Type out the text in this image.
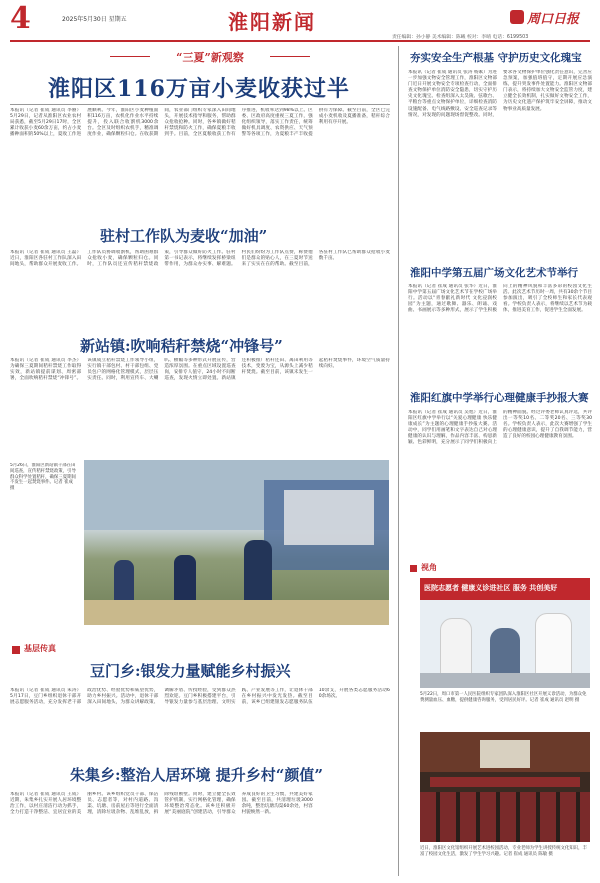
4	2025年5月30日 星期五	淮阳新闻	周口日报
责任编辑：孙小静 美术编辑：陈曦 校对：李晴 电话：6199503
“三夏”新观察
淮阳区116万亩小麦收获过半
本报讯（记者 崔成 通讯员 李丽）5月29日，记者从淮阳区农业农村局获悉，截至5月29日17时，全区累计收获小麦60余万亩，约占小麦播种面积的50%以上，夏收工作进展顺利。今年，淮阳区小麦种植面积116万亩，农机化作业水平持续提升，投入联合收割机3000余台。全区及时组织农机手，精准调度作业，确保颗粒归仓。在收获期间，农业部门组织专家深入田间地头，开展技术指导和服务，帮助群众抢收抢种。同时，各乡镇做好秸秆禁烧和防火工作，确保夏粮丰收到手。目前，全区夏粮收获工作有序推进，机收率达到98%以上。区委、区政府高度重视三夏工作，强化组织领导，落实工作责任，统筹做好机具调度、农资供应、天气预警等各项工作，为夏粮丰产丰收提供有力保障。截至目前，全区已完成小麦机收及夏播准备，秸秆综合利用有序开展。
驻村工作队为麦收“加油”
本报讯（记者 崔成 通讯员 王磊）近日，淮阳区各驻村工作队深入田间地头，帮助群众开展麦收工作。工作队员协调收割机，帮助困难群众抢收小麦，确保颗粒归仓。同时，工作队员还宣传秸秆禁烧政策，引导群众做好防火工作。驻村第一书记表示，将继续发挥桥梁纽带作用，为群众办实事、解难题。村民们纷纷为工作队点赞，称赞他们是群众的贴心人，在三夏时节送来了实实在在的帮助。截至目前，各驻村工作队已帮助群众抢收小麦数千亩。
新站镇:吹响秸秆禁烧“冲锋号”
本报讯（记者 崔成 通讯员 李杰）为确保三夏期间秸秆禁烧工作取得实效，新站镇提前谋划、周密部署，全面吹响秸秆禁烧“冲锋号”。该镇成立秸秆禁烧工作领导小组，实行镇干部包村、村干部包组、党员包户的网格化管理模式，层层压实责任。同时，利用宣传车、大喇叭、横幅等多种形式开展宣传，营造浓厚氛围。在重点区域设置巡查岗，安排专人值守，24小时不间断巡查，发现火情立即处置。新站镇还积极推广秸秆还田、离田利用等技术，变废为宝，从源头上减少秸秆焚烧。截至目前，该镇未发生一起秸秆焚烧事件，环境空气质量持续向好。
5月26日，淮阳区新站镇干部在田间巡查，宣传秸秆禁烧政策，引导群众科学处置秸秆，确保三夏期间不发生一起焚烧事件。记者 崔成 摄
基层传真
豆门乡:银发力量赋能乡村振兴
本报讯（记者 崔成 通讯员 朱涛）5月17日，豆门乡组织退休干部开展志愿服务活动，充分发挥老干部政治优势、经验优势和威望优势，助力乡村振兴。活动中，退休干部深入田间地头，为群众讲解政策、调解矛盾、传授经验，受到群众热烈欢迎。豆门乡积极搭建平台，引导银发力量参与基层治理、文明实践、产业发展等工作，让退休干部在乡村振兴中发光发热。截至目前，该乡已组建银发志愿服务队伍10余支，开展各类志愿服务活动60余场次。
朱集乡:整治人居环境 提升乡村“颜值”
本报讯（记者 崔成 通讯员 王成）近期，朱集乡扎实开展人居环境整治工作，以村庄清洁行动为抓手，全力打造干净整洁、宜居宜业的美丽乡村。该乡组织党员干部、保洁员、志愿者等，对村内道路、沟渠、坑塘、房前屋后等进行全面清理，清除垃圾杂物、乱堆乱放，拆除残垣断壁。同时，建立健全长效管护机制，实行网格化管理，确保环境整治常态化。该乡还积极开展“美丽庭院”创建活动，引导群众养成良好的卫生习惯，共建美好家园。截至目前，共清理垃圾3000余吨，整治坑塘沟渠60余处，村容村貌焕然一新。
夯实安全生产根基 守护历史文化瑰宝
本报讯（记者 崔成 通讯员 张涛 杨素）为进一步加强文物安全管理工作，淮阳区文物部门近日开展文物安全专项检查行动，全面排查文物保护单位消防安全隐患，切实守护历史文化瑰宝。检查组深入太昊陵、弦歌台、平粮台等重点文物保护单位，详细检查消防设施配备、电气线路敷设、安全巡查记录等情况，对发现的问题现场督促整改。同时，要求各文物保护单位强化责任意识，完善应急预案，加强值班值守，定期开展应急演练，提升突发事件处置能力。淮阳区文物部门表示，将持续加大文物安全监管力度，建立健全长效机制，扎实做好文物安全工作，为历史文化遗产保护筑牢安全屏障，推动文物事业高质量发展。
淮阳中学第五届广场文化艺术节举行
本报讯（记者 崔成 通讯员 张华）近日，淮阳中学第五届广场文化艺术节在学校广场举行。活动以“青春献礼新时代 文化浸润校园”为主题，通过歌舞、器乐、朗诵、戏曲、书画展示等多种形式，展示了学生积极向上的精神风貌和丰富多彩的校园文化生活。此次艺术节历时一周，共有30余个节目参加演出，吸引了全校师生和家长代表观看。学校负责人表示，将继续以艺术节为载体，推进美育工作，促进学生全面发展。
淮阳红旗中学举行心理健康手抄报大赛
本报讯（记者 崔成 通讯员 吴旭）近日，淮阳区红旗中学举行以“关爱心理健康 快乐健康成长”为主题的心理健康手抄报大赛。活动中，同学们用画笔和文字表达自己对心理健康的认识与理解，作品内容丰富、构思新颖、色彩鲜明，充分展示了同学们积极向上的精神面貌。经过评委老师认真评选，共评出一等奖10名、二等奖20名、三等奖30名。学校负责人表示，此次大赛增强了学生的心理健康意识，提升了自我调节能力，营造了良好的校园心理健康教育氛围。
视角
医院志愿者 健康义诊进社区 服务 共创美好
5月22日，周口市第一人民医院组织专家团队深入淮阳区社区开展义诊活动，为群众免费测量血压、血糖，提供健康咨询服务，受到居民好评。记者 崔成 通讯员 赵明 摄
近日，淮阳区文化馆组织开展艺术进校园活动，专业老师为学生讲授传统文化知识，丰富了校园文化生活，激发了学生学习兴趣。记者 崔成 通讯员 陈敏 摄
